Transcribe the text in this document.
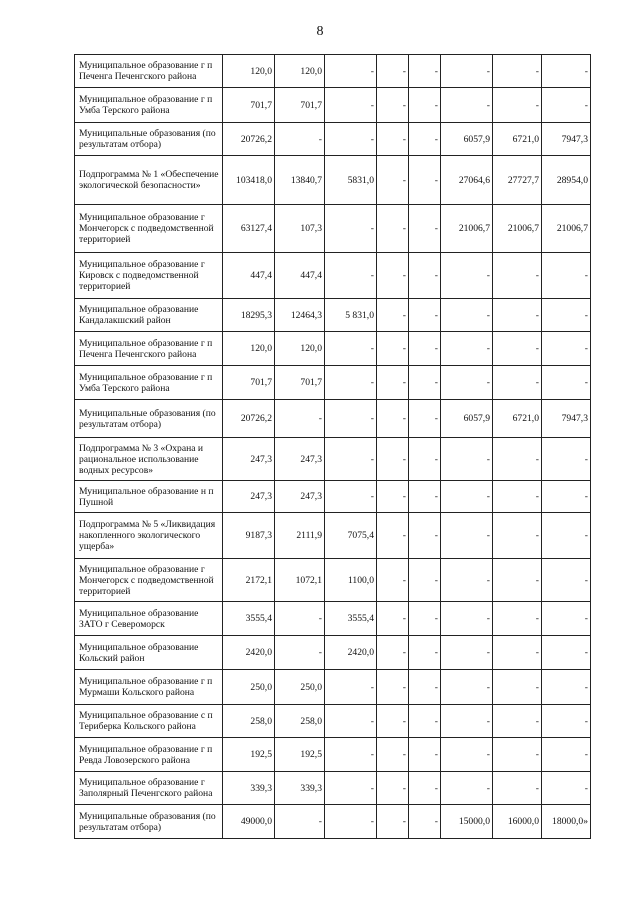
8
Муниципальное образование г п Печенга Печенгского района	120,0	120,0	-	-	-	-	-	-
Муниципальное образование г п Умба Терского района	701,7	701,7	-	-	-	-	-	-
Муниципальные образования (по результатам отбора)	20726,2	-	-	-	-	6057,9	6721,0	7947,3
Подпрограмма № 1 «Обеспечение экологической безопасности»	103418,0	13840,7	5831,0	-	-	27064,6	27727,7	28954,0
Муниципальное образование г Мончегорск с подведомственной территорией	63127,4	107,3	-	-	-	21006,7	21006,7	21006,7
Муниципальное образование г Кировск с подведомственной территорией	447,4	447,4	-	-	-	-	-	-
Муниципальное образование Кандалакшский район	18295,3	12464,3	5 831,0	-	-	-	-	-
Муниципальное образование г п Печенга Печенгского района	120,0	120,0	-	-	-	-	-	-
Муниципальное образование г п Умба Терского района	701,7	701,7	-	-	-	-	-	-
Муниципальные образования (по результатам отбора)	20726,2	-	-	-	-	6057,9	6721,0	7947,3
Подпрограмма № 3 «Охрана и рациональное использование водных ресурсов»	247,3	247,3	-	-	-	-	-	-
Муниципальное образование н п Пушной	247,3	247,3	-	-	-	-	-	-
Подпрограмма № 5 «Ликвидация накопленного экологического ущерба»	9187,3	2111,9	7075,4	-	-	-	-	-
Муниципальное образование г Мончегорск с подведомственной территорией	2172,1	1072,1	1100,0	-	-	-	-	-
Муниципальное образование ЗАТО г Североморск	3555,4	-	3555,4	-	-	-	-	-
Муниципальное образование Кольский район	2420,0	-	2420,0	-	-	-	-	-
Муниципальное образование г п Мурмаши Кольского района	250,0	250,0	-	-	-	-	-	-
Муниципальное образование с п Териберка Кольского района	258,0	258,0	-	-	-	-	-	-
Муниципальное образование г п Ревда Ловозерского района	192,5	192,5	-	-	-	-	-	-
Муниципальное образование г Заполярный Печенгского района	339,3	339,3	-	-	-	-	-	-
Муниципальные образования (по результатам отбора)	49000,0	-	-	-	-	15000,0	16000,0	18000,0»
